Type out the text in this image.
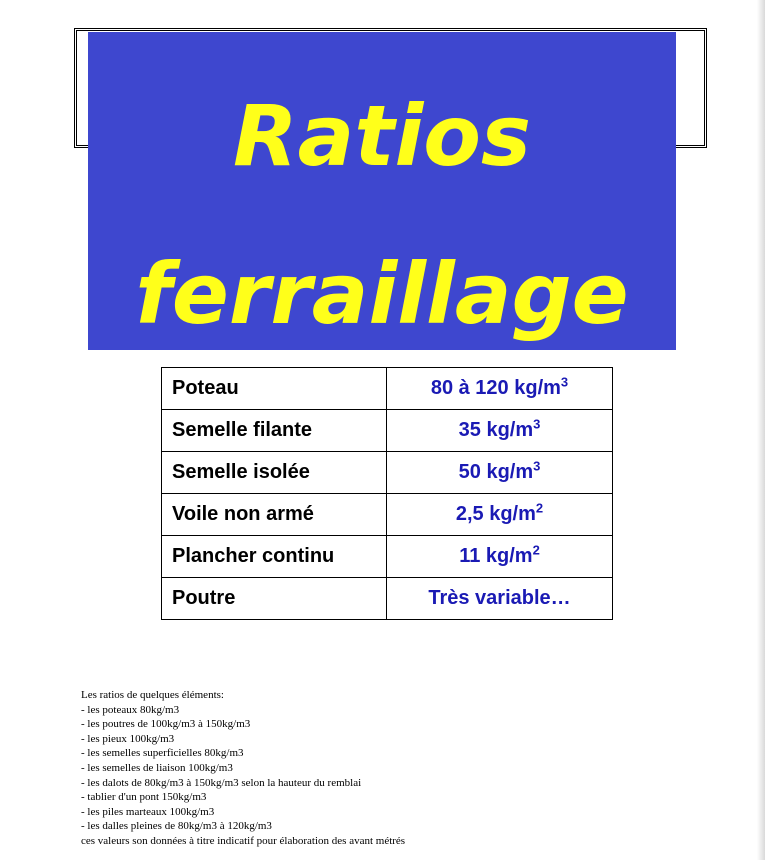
Ratios
ferraillage
Poteau	80 à 120 $kg/m^3$
Semelle filante	35 $kg/m^3$
Semelle isolée	50 $kg/m^3$
Voile non armé	2,5 $kg/m^2$
Plancher continu	11 $kg/m^2$
Poutre	Très variable…
Les ratios de quelques éléments:
- les poteaux 80kg/m3
- les poutres de 100kg/m3 à 150kg/m3
- les pieux 100kg/m3
- les semelles superficielles 80kg/m3
- les semelles de liaison 100kg/m3
- les dalots de 80kg/m3 à 150kg/m3 selon la hauteur du remblai
- tablier d'un pont 150kg/m3
- les piles marteaux 100kg/m3
- les dalles pleines de 80kg/m3 à 120kg/m3
ces valeurs son données à titre indicatif pour élaboration des avant métrés
